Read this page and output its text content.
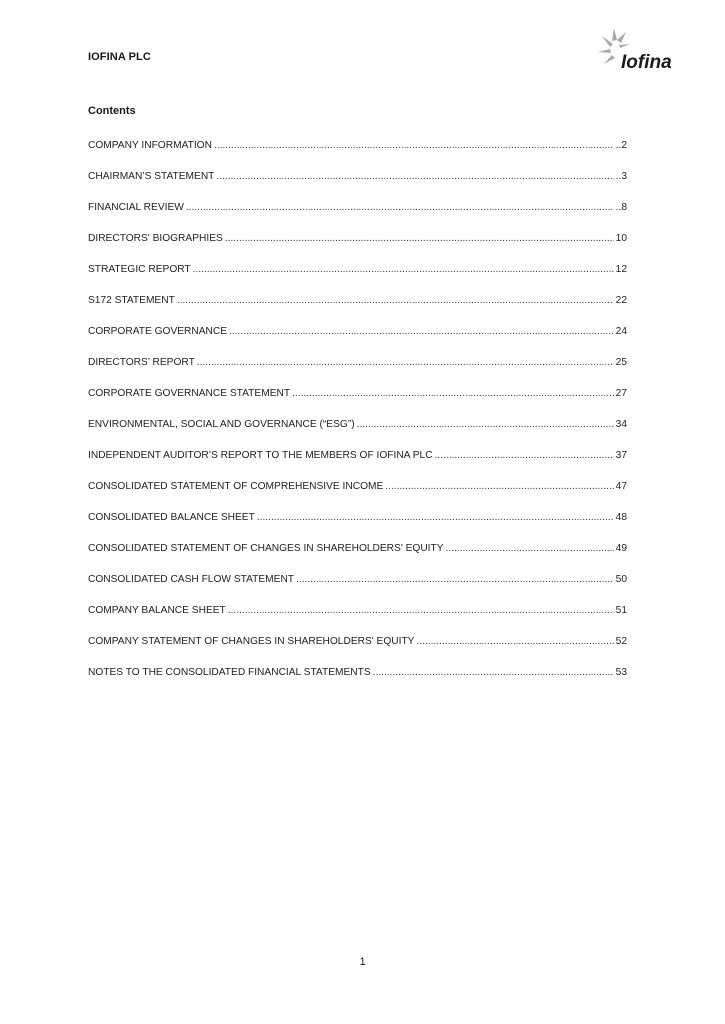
IOFINA PLC	Iofina
Contents
COMPANY INFORMATION .....	..2
CHAIRMAN’S STATEMENT .....	..3
FINANCIAL REVIEW .....	..8
DIRECTORS' BIOGRAPHIES .....	10
STRATEGIC REPORT .....	12
S172 STATEMENT .....	22
CORPORATE GOVERNANCE .....	24
DIRECTORS’ REPORT .....	25
CORPORATE GOVERNANCE STATEMENT .....	27
ENVIRONMENTAL, SOCIAL AND GOVERNANCE (“ESG”) .....	34
INDEPENDENT AUDITOR’S REPORT TO THE MEMBERS OF IOFINA PLC .....	37
CONSOLIDATED STATEMENT OF COMPREHENSIVE INCOME .....	47
CONSOLIDATED BALANCE SHEET .....	48
CONSOLIDATED STATEMENT OF CHANGES IN SHAREHOLDERS' EQUITY .....	49
CONSOLIDATED CASH FLOW STATEMENT .....	50
COMPANY BALANCE SHEET .....	51
COMPANY STATEMENT OF CHANGES IN SHAREHOLDERS' EQUITY .....	52
NOTES TO THE CONSOLIDATED FINANCIAL STATEMENTS .....	53
1
